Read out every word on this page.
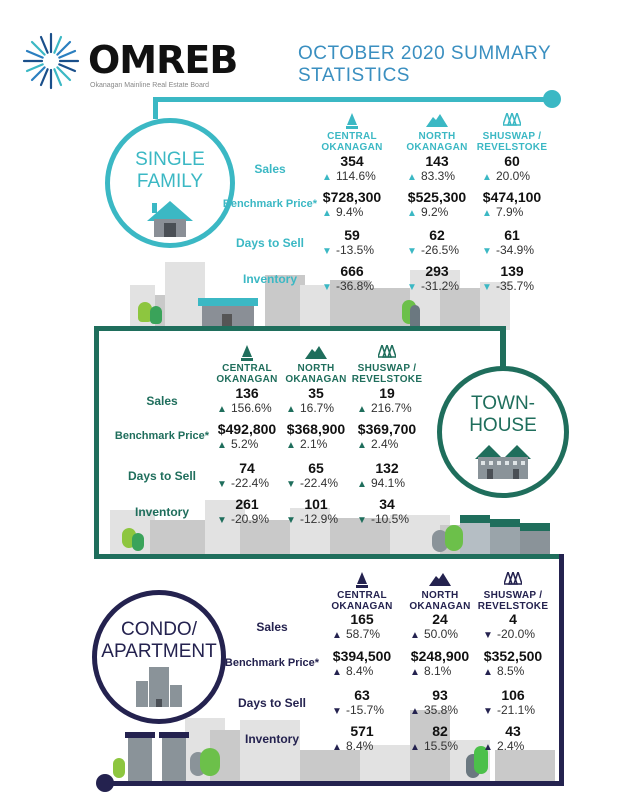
OMREB
Okanagan Mainline Real Estate Board
OCTOBER 2020 SUMMARY
STATISTICS
SINGLE
FAMILY
CENTRAL
OKANAGAN
NORTH
OKANAGAN
SHUSWAP /
REVELSTOKE
Sales	354
▲ 114.6%
143
▲ 83.3%
60
▲ 20.0%
Benchmark Price* $728,300
▲ 9.4%
$525,300
▲ 9.2%
$474,100
▲ 7.9%
Days to Sell	59
▼ -13.5%
62
▼ -26.5%
61
▼ -34.9%
Inventory	666
▼ -36.8%
293
▼ -31.2%
139
▼ -35.7%
TOWN-
HOUSE
CENTRAL
OKANAGAN
NORTH
OKANAGAN
SHUSWAP /
REVELSTOKE
Sales	136
▲ 156.6%
35
▲ 16.7%
19
▲ 216.7%
Benchmark Price* $492,800
▲ 5.2%
$368,900
▲ 2.1%
$369,700
▲ 2.4%
Days to Sell	74
▼ -22.4%
65
▼ -22.4%
132
▲ 94.1%
Inventory	261
▼ -20.9%
101
▼ -12.9%
34
▼ -10.5%
CONDO/
APARTMENT
CENTRAL
OKANAGAN
NORTH
OKANAGAN
SHUSWAP /
REVELSTOKE
Sales	165
▲ 58.7%
24
▲ 50.0%
4
▼ -20.0%
Benchmark Price* $394,500
▲ 8.4%
$248,900
▲ 8.1%
$352,500
▲ 8.5%
Days to Sell	63
▼ -15.7%
93
▲ 35.8%
106
▼ -21.1%
Inventory	571
▲ 8.4%
82
▲ 15.5%
43
▲ 2.4%
